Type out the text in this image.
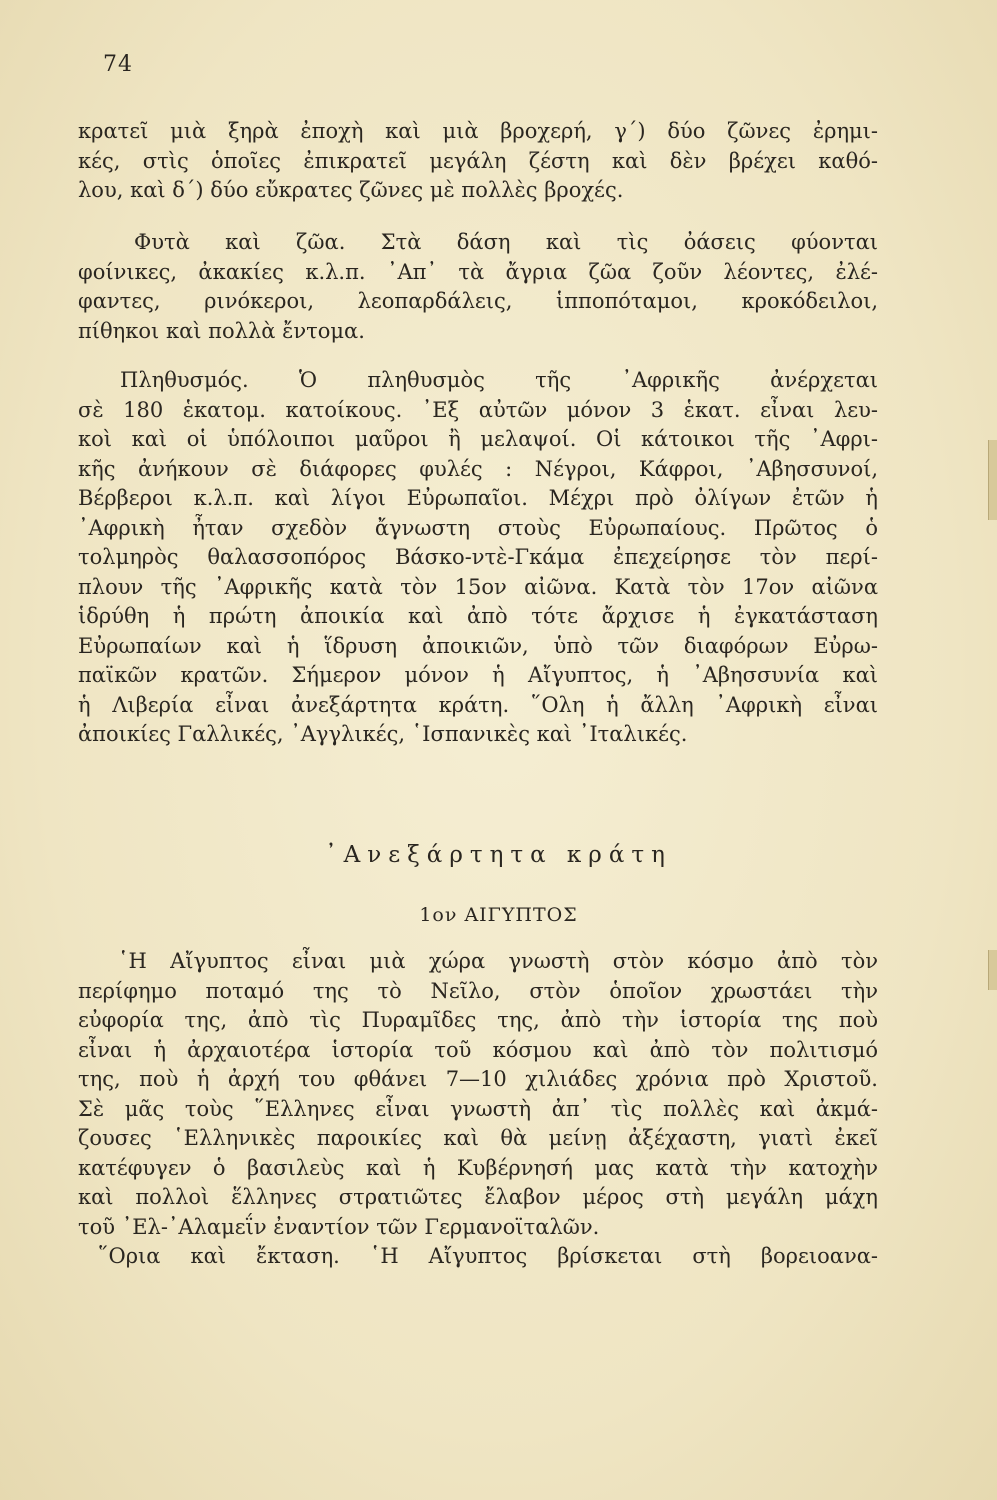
74
κρατεῖ μιὰ ξηρὰ ἐποχὴ καὶ μιὰ βροχερή, γ΄) δύο ζῶνες ἐρημι-
κές, στὶς ὁποῖες ἐπικρατεῖ μεγάλη ζέστη καὶ δὲν βρέχει καθό-
λου, καὶ δ΄) δύο εὔκρατες ζῶνες μὲ πολλὲς βροχές.
Φυτὰ καὶ ζῶα. Στὰ δάση καὶ τὶς ὀάσεις φύονται
φοίνικες, ἀκακίες κ.λ.π. ᾽Απ᾽ τὰ ἄγρια ζῶα ζοῦν λέοντες, ἐλέ-
φαντες, ρινόκεροι, λεοπαρδάλεις, ἱπποπόταμοι, κροκόδειλοι,
πίθηκοι καὶ πολλὰ ἔντομα.
Πληθυσμός. Ὁ πληθυσμὸς τῆς ᾽Αφρικῆς ἀνέρχεται
σὲ 180 ἑκατομ. κατοίκους. ᾽Εξ αὐτῶν μόνον 3 ἑκατ. εἶναι λευ-
κοὶ καὶ οἱ ὑπόλοιποι μαῦροι ἢ μελαψοί. Οἱ κάτοικοι τῆς ᾽Αφρι-
κῆς ἀνήκουν σὲ διάφορες φυλές : Νέγροι, Κάφροι, ᾽Αβησσυνοί,
Βέρβεροι κ.λ.π. καὶ λίγοι Εὐρωπαῖοι. Μέχρι πρὸ ὀλίγων ἐτῶν ἡ
᾽Αφρικὴ ἦταν σχεδὸν ἄγνωστη στοὺς Εὐρωπαίους. Πρῶτος ὁ
τολμηρὸς θαλασσοπόρος Βάσκο-ντὲ-Γκάμα ἐπεχείρησε τὸν περί-
πλουν τῆς ᾽Αφρικῆς κατὰ τὸν 15ον αἰῶνα. Κατὰ τὸν 17ον αἰῶνα
ἱδρύθη ἡ πρώτη ἀποικία καὶ ἀπὸ τότε ἄρχισε ἡ ἐγκατάσταση
Εὐρωπαίων καὶ ἡ ἵδρυση ἀποικιῶν, ὑπὸ τῶν διαφόρων Εὐρω-
παϊκῶν κρατῶν. Σήμερον μόνον ἡ Αἴγυπτος, ἡ ᾽Αβησσυνία καὶ
ἡ Λιβερία εἶναι ἀνεξάρτητα κράτη. ῞Ολη ἡ ἄλλη ᾽Αφρικὴ εἶναι
ἀποικίες Γαλλικές, ᾽Αγγλικές, ῾Ισπανικὲς καὶ ᾽Ιταλικές.
᾽Ανεξάρτητα κράτη
1ον ΑΙΓΥΠΤΟΣ
῾Η Αἴγυπτος εἶναι μιὰ χώρα γνωστὴ στὸν κόσμο ἀπὸ τὸν
περίφημο ποταμό της τὸ Νεῖλο, στὸν ὁποῖον χρωστάει τὴν
εὐφορία της, ἀπὸ τὶς Πυραμῖδες της, ἀπὸ τὴν ἱστορία της ποὺ
εἶναι ἡ ἀρχαιοτέρα ἱστορία τοῦ κόσμου καὶ ἀπὸ τὸν πολιτισμό
της, ποὺ ἡ ἀρχή του φθάνει 7—10 χιλιάδες χρόνια πρὸ Χριστοῦ.
Σὲ μᾶς τοὺς ῞Ελληνες εἶναι γνωστὴ ἀπ᾽ τὶς πολλὲς καὶ ἀκμά-
ζουσες ῾Ελληνικὲς παροικίες καὶ θὰ μείνῃ ἀξέχαστη, γιατὶ ἐκεῖ
κατέφυγεν ὁ βασιλεὺς καὶ ἡ Κυβέρνησή μας κατὰ τὴν κατοχὴν
καὶ πολλοὶ ἕλληνες στρατιῶτες ἔλαβον μέρος στὴ μεγάλη μάχη
τοῦ ᾽Ελ-᾽Αλαμεΐν ἐναντίον τῶν Γερμανοϊταλῶν.
῞Ορια καὶ ἔκταση. ῾Η Αἴγυπτος βρίσκεται στὴ βορειοανα-
